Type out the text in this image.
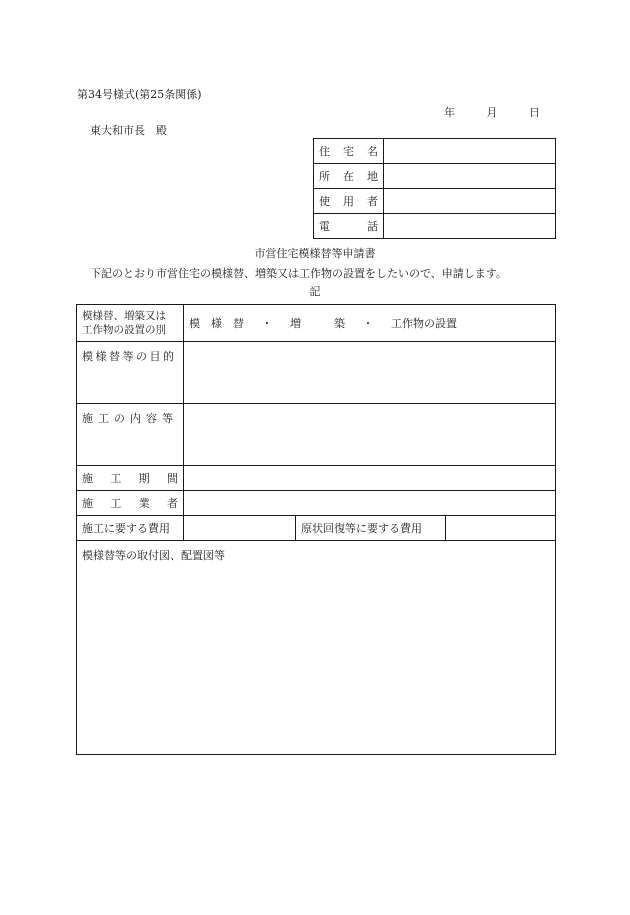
第34号様式(第25条関係)
年	月	日
東大和市長　殿
住 宅 名	

所 在 地	

使 用 者	

電 話	

市営住宅模様替等申請書
下記のとおり市営住宅の模様替、増築又は工作物の設置をしたいので、申請します。
記
模様替、増築又は
工作物の設置の別	模　様　替 ・ 増　　　築 ・ 工作物の設置		
模様替等の目的			
施工の内容等			

施 工 期 間			

施 工 業 者			

施工に要する費用		原状回復等に要する費用	
模様替等の取付図、配置図等			
